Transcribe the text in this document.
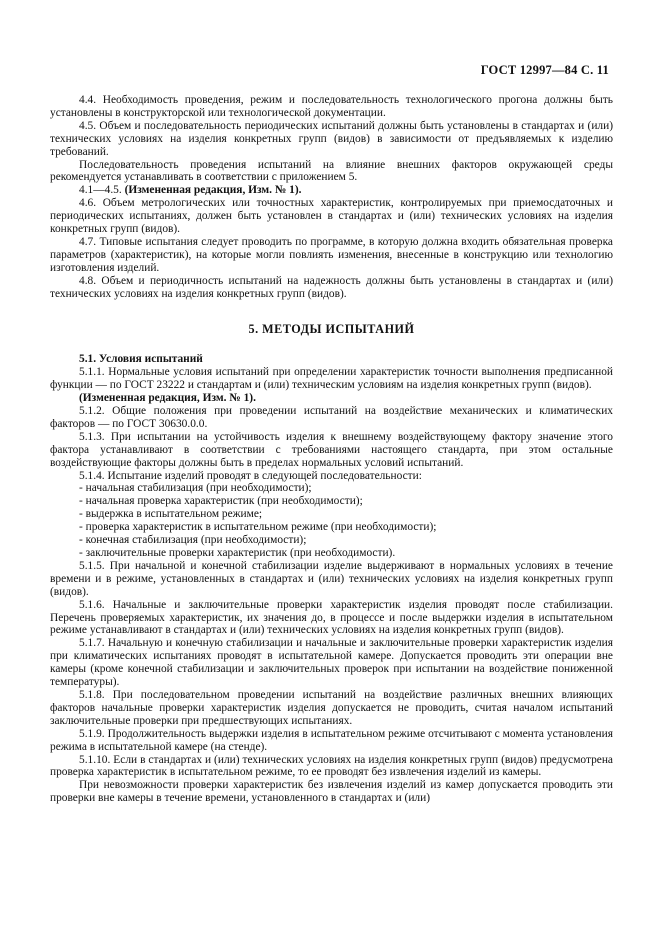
ГОСТ 12997—84 С. 11

4.4. Необходимость проведения, режим и последовательность технологического прогона должны быть установлены в конструкторской или технологической документации.

4.5. Объем и последовательность периодических испытаний должны быть установлены в стандартах и (или) технических условиях на изделия конкретных групп (видов) в зависимости от предъявляемых к изделию требований.

Последовательность проведения испытаний на влияние внешних факторов окружающей среды рекомендуется устанавливать в соответствии с приложением 5.

4.1—4.5. (Измененная редакция, Изм. № 1).

4.6. Объем метрологических или точностных характеристик, контролируемых при приемосдаточных и периодических испытаниях, должен быть установлен в стандартах и (или) технических условиях на изделия конкретных групп (видов).

4.7. Типовые испытания следует проводить по программе, в которую должна входить обязательная проверка параметров (характеристик), на которые могли повлиять изменения, внесенные в конструкцию или технологию изготовления изделий.

4.8. Объем и периодичность испытаний на надежность должны быть установлены в стандартах и (или) технических условиях на изделия конкретных групп (видов).

5. МЕТОДЫ ИСПЫТАНИЙ

5.1. Условия испытаний

5.1.1. Нормальные условия испытаний при определении характеристик точности выполнения предписанной функции — по ГОСТ 23222 и стандартам и (или) техническим условиям на изделия конкретных групп (видов).

(Измененная редакция, Изм. № 1).

5.1.2. Общие положения при проведении испытаний на воздействие механических и климатических факторов — по ГОСТ 30630.0.0.

5.1.3. При испытании на устойчивость изделия к внешнему воздействующему фактору значение этого фактора устанавливают в соответствии с требованиями настоящего стандарта, при этом остальные воздействующие факторы должны быть в пределах нормальных условий испытаний.

5.1.4. Испытание изделий проводят в следующей последовательности:

- начальная стабилизация (при необходимости);

- начальная проверка характеристик (при необходимости);

- выдержка в испытательном режиме;

- проверка характеристик в испытательном режиме (при необходимости);

- конечная стабилизация (при необходимости);

- заключительные проверки характеристик (при необходимости).

5.1.5. При начальной и конечной стабилизации изделие выдерживают в нормальных условиях в течение времени и в режиме, установленных в стандартах и (или) технических условиях на изделия конкретных групп (видов).

5.1.6. Начальные и заключительные проверки характеристик изделия проводят после стабилизации. Перечень проверяемых характеристик, их значения до, в процессе и после выдержки изделия в испытательном режиме устанавливают в стандартах и (или) технических условиях на изделия конкретных групп (видов).

5.1.7. Начальную и конечную стабилизации и начальные и заключительные проверки характеристик изделия при климатических испытаниях проводят в испытательной камере. Допускается проводить эти операции вне камеры (кроме конечной стабилизации и заключительных проверок при испытании на воздействие пониженной температуры).

5.1.8. При последовательном проведении испытаний на воздействие различных внешних влияющих факторов начальные проверки характеристик изделия допускается не проводить, считая началом испытаний заключительные проверки при предшествующих испытаниях.

5.1.9. Продолжительность выдержки изделия в испытательном режиме отсчитывают с момента установления режима в испытательной камере (на стенде).

5.1.10. Если в стандартах и (или) технических условиях на изделия конкретных групп (видов) предусмотрена проверка характеристик в испытательном режиме, то ее проводят без извлечения изделий из камеры.

При невозможности проверки характеристик без извлечения изделий из камер допускается проводить эти проверки вне камеры в течение времени, установленного в стандартах и (или)
